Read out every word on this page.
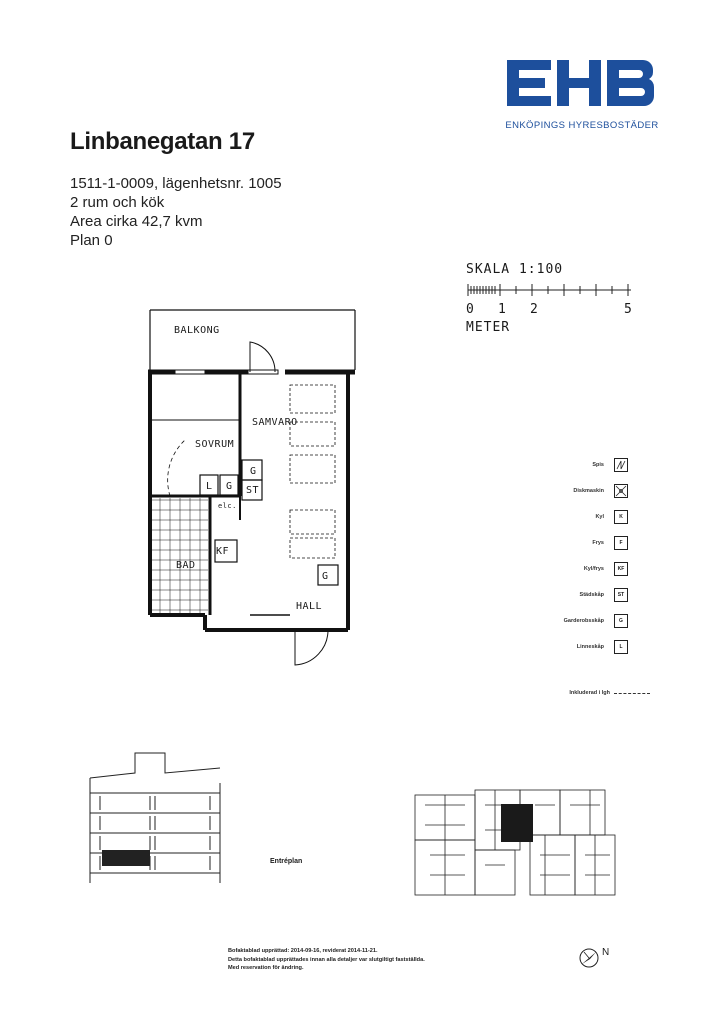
Linbanegatan 17
1511-1-0009, lägenhetsnr. 1005
2 rum och kök
Area cirka 42,7 kvm
Plan 0
ENKÖPINGS HYRESBOSTÄDER
SKALA 1:100
0 1 2	5
METER
BALKONG
SAMVARO
SOVRUM
BAD
HALL
elc.
G
L G ST
KF
G
Spis
Diskmaskin
Kyl	K
Frys	F
Kyl/frys	KF
Städskåp	ST
Garderobsskåp	G
Linneskåp	L
Inkluderad i lgh
Entréplan
Bofaktablad upprättad: 2014-09-16, reviderat 2014-11-21.
Detta bofaktablad upprättades innan alla detaljer var slutgiltigt fastställda.
Med reservation för ändring.
N
